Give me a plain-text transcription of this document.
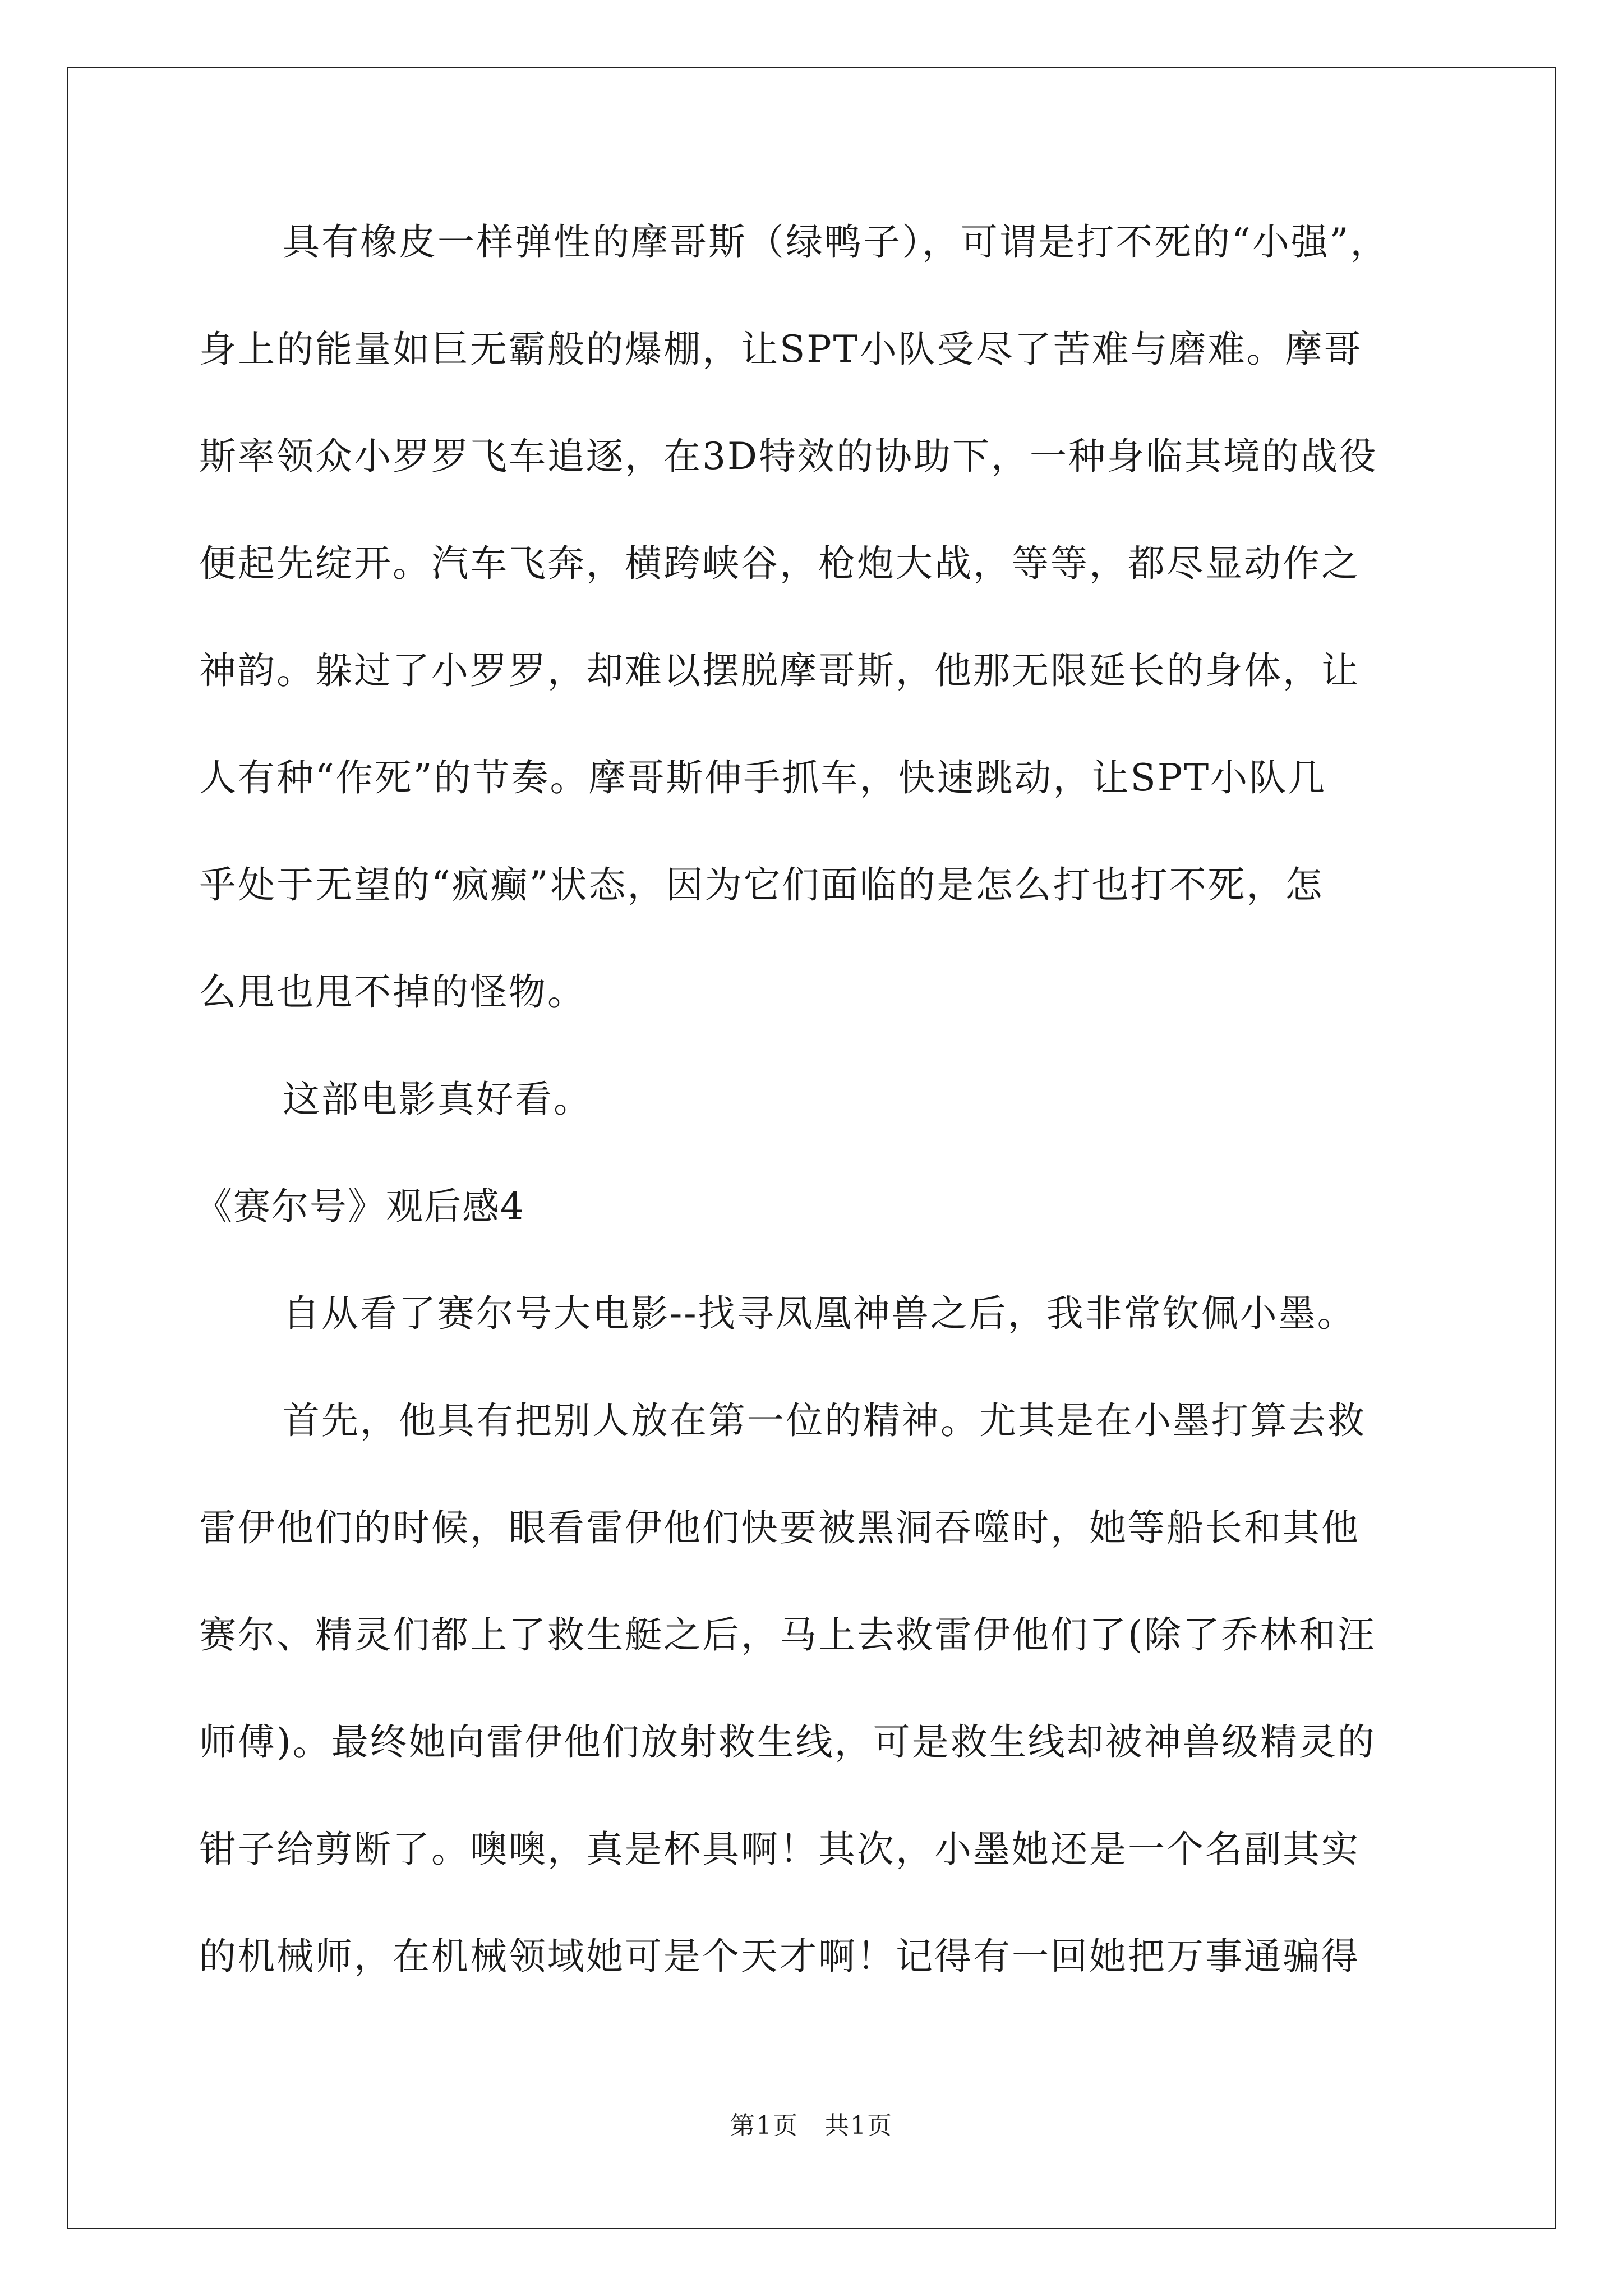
具有橡皮一样弹性的摩哥斯（绿鸭子），可谓是打不死的“小强”，
身上的能量如巨无霸般的爆棚，让SPT小队受尽了苦难与磨难。摩哥
斯率领众小罗罗飞车追逐，在3D特效的协助下，一种身临其境的战役
便起先绽开。汽车飞奔，横跨峡谷，枪炮大战，等等，都尽显动作之
神韵。躲过了小罗罗，却难以摆脱摩哥斯，他那无限延长的身体，让
人有种“作死”的节奏。摩哥斯伸手抓车，快速跳动，让SPT小队几
乎处于无望的“疯癫”状态，因为它们面临的是怎么打也打不死，怎
么甩也甩不掉的怪物。
这部电影真好看。
《赛尔号》观后感4
自从看了赛尔号大电影--找寻凤凰神兽之后，我非常钦佩小墨。
首先，他具有把别人放在第一位的精神。尤其是在小墨打算去救
雷伊他们的时候，眼看雷伊他们快要被黑洞吞噬时，她等船长和其他
赛尔、精灵们都上了救生艇之后，马上去救雷伊他们了(除了乔林和汪
师傅)。最终她向雷伊他们放射救生线，可是救生线却被神兽级精灵的
钳子给剪断了。噢噢，真是杯具啊！其次，小墨她还是一个名副其实
的机械师，在机械领域她可是个天才啊！记得有一回她把万事通骗得
第1页　共1页
